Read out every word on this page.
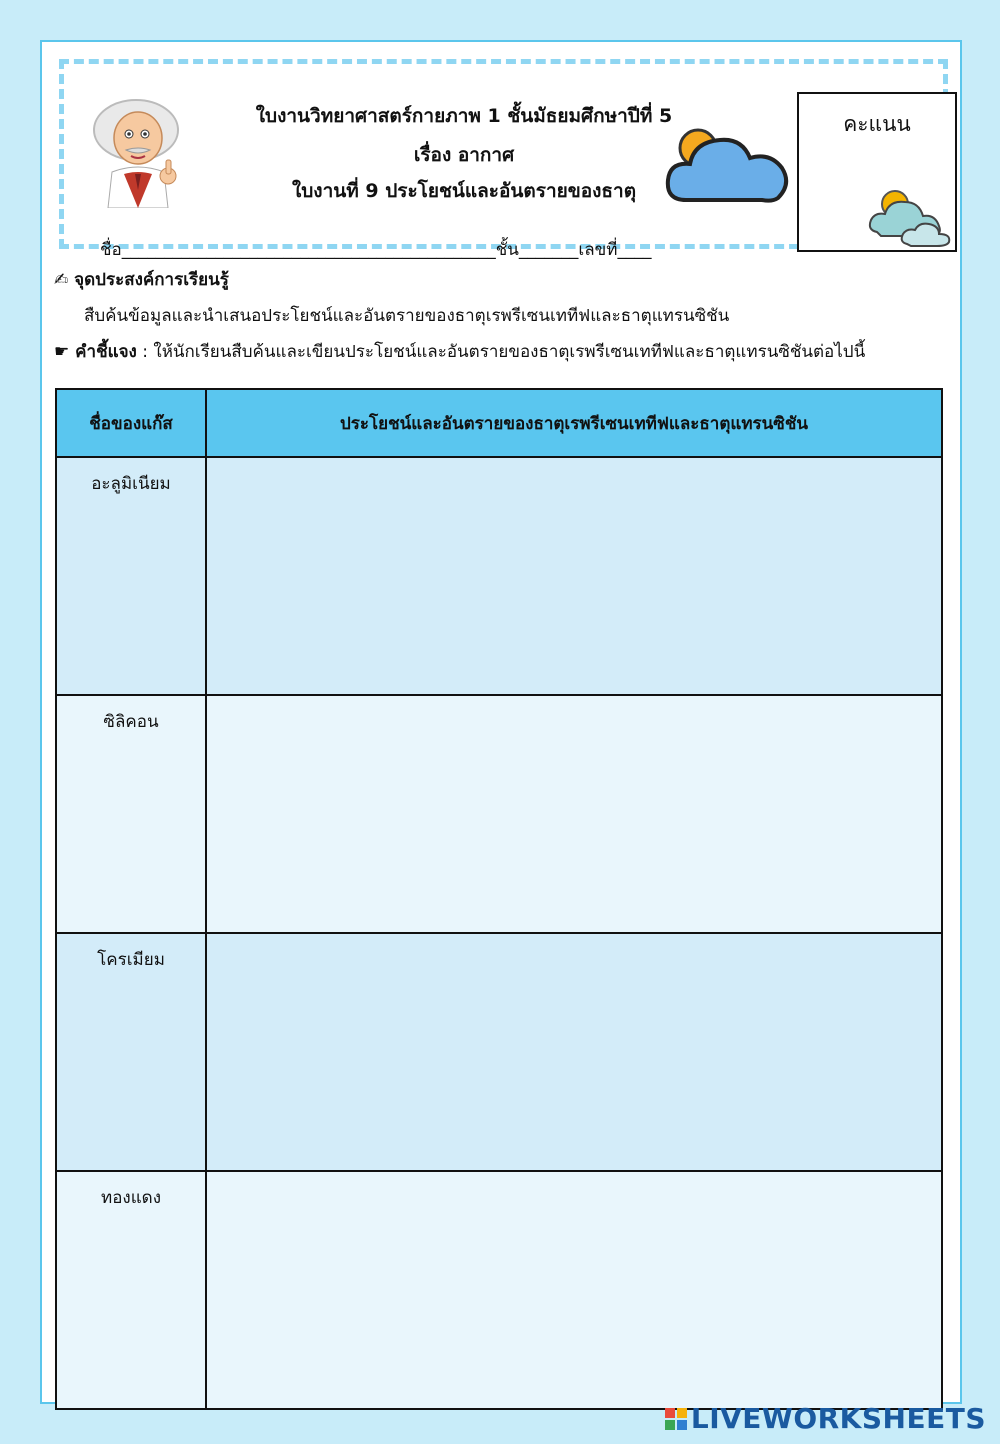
ใบงานวิทยาศาสตร์กายภาพ 1 ชั้นมัธยมศึกษาปีที่ 5
เรื่อง อากาศ
ใบงานที่ 9 ประโยชน์และอันตรายของธาตุ
คะแนน
ชื่อ____________________________________________ชั้น_______เลขที่____
✍ จุดประสงค์การเรียนรู้
สืบค้นข้อมูลและนำเสนอประโยชน์และอันตรายของธาตุเรพรีเซนเททีฟและธาตุแทรนซิชัน
☛ คำชี้แจง : ให้นักเรียนสืบค้นและเขียนประโยชน์และอันตรายของธาตุเรพรีเซนเททีฟและธาตุแทรนซิชันต่อไปนี้
ชื่อของแก๊ส	ประโยชน์และอันตรายของธาตุเรพรีเซนเททีฟและธาตุแทรนซิชัน
อะลูมิเนียม	
ซิลิคอน	
โครเมียม	
ทองแดง	
LIVEWORKSHEETS
